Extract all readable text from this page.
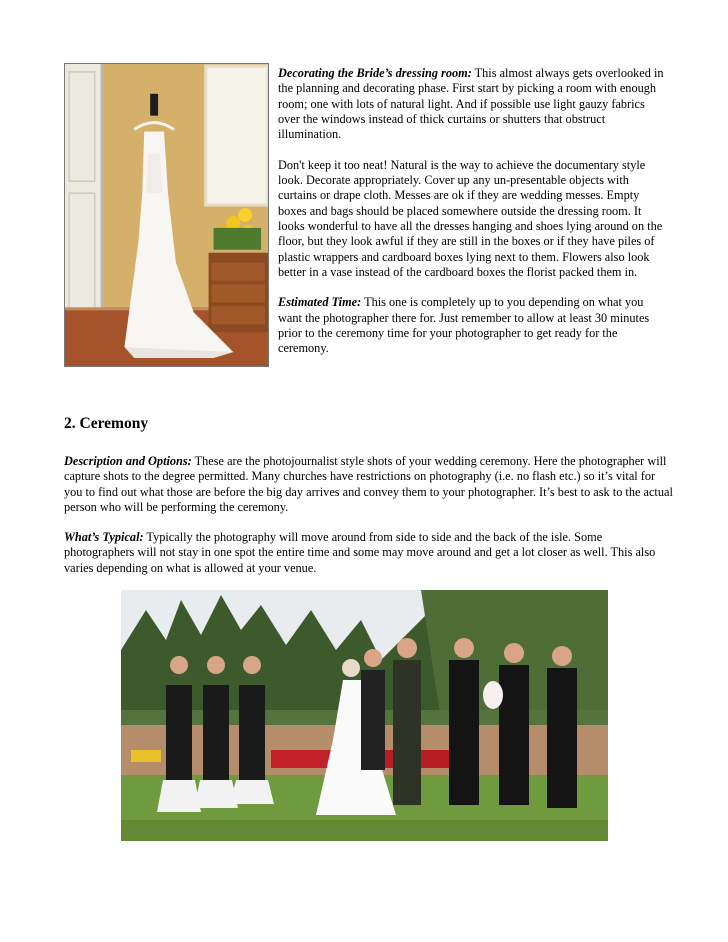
Decorating the Bride’s dressing room: This almost always gets overlooked in the planning and decorating phase. First start by picking a room with enough room; one with lots of natural light. And if possible use light gauzy fabrics over the windows instead of thick curtains or shutters that obstruct illumination.

Don't keep it too neat! Natural is the way to achieve the documentary style look. Decorate appropriately. Cover up any un-presentable objects with curtains or drape cloth. Messes are ok if they are wedding messes. Empty boxes and bags should be placed somewhere outside the dressing room. It looks wonderful to have all the dresses hanging and shoes lying around on the floor, but they look awful if they are still in the boxes or if they have piles of plastic wrappers and cardboard boxes lying next to them. Flowers also look better in a vase instead of the cardboard boxes the florist packed them in.

Estimated Time: This one is completely up to you depending on what you want the photographer there for. Just remember to allow at least 30 minutes prior to the ceremony time for your photographer to get ready for the ceremony.

2. Ceremony

Description and Options: These are the photojournalist style shots of your wedding ceremony. Here the photographer will capture shots to the degree permitted. Many churches have restrictions on photography (i.e. no flash etc.) so it’s vital for you to find out what those are before the big day arrives and convey them to your photographer. It’s best to ask to the actual person who will be performing the ceremony.

What’s Typical: Typically the photography will move around from side to side and the back of the isle. Some photographers will not stay in one spot the entire time and some may move around and get a lot closer as well. This also varies depending on what is allowed at your venue.
